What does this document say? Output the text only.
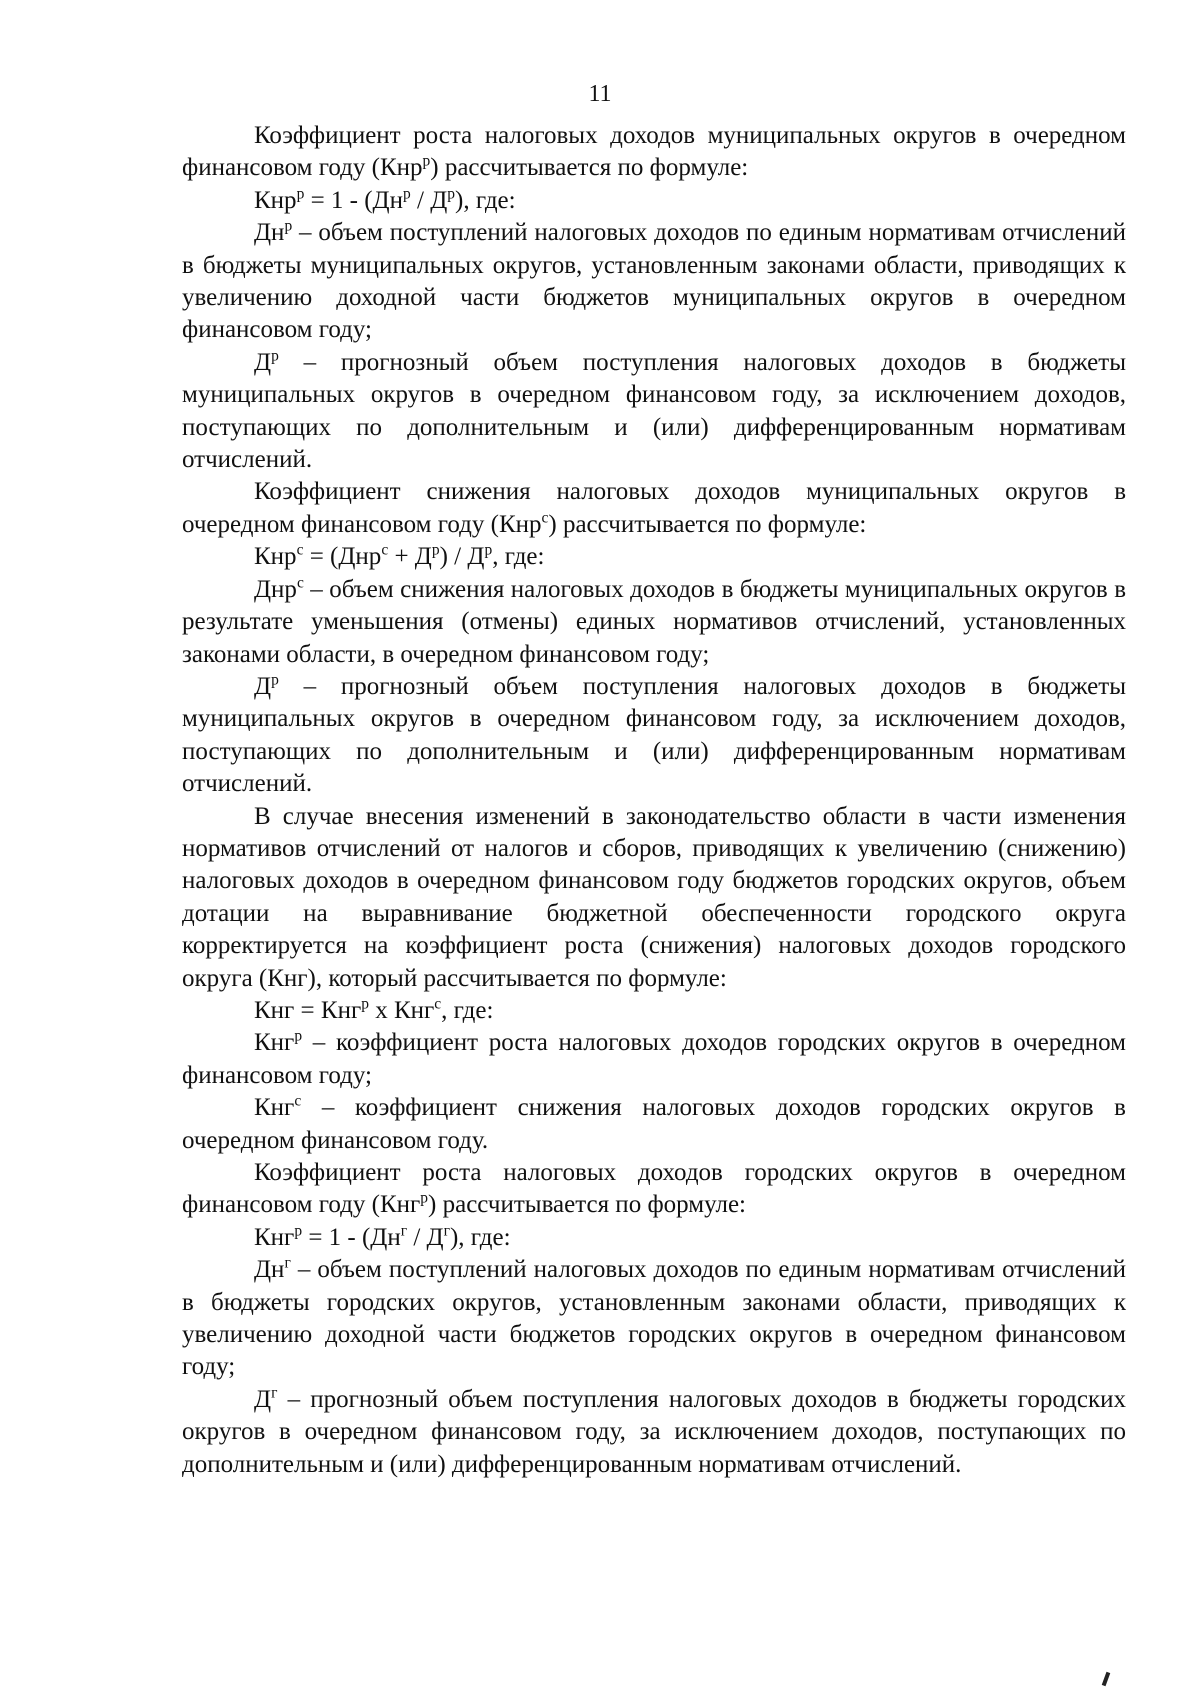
11

Коэффициент роста налоговых доходов муниципальных округов в очередном финансовом году (Кнр$^р$) рассчитывается по формуле:

$Кнр^р = 1 - (Дн^р / Д^р)$, где:

$Дн^р$ – объем поступлений налоговых доходов по единым нормативам отчислений в бюджеты муниципальных округов, установленным законами области, приводящих к увеличению доходной части бюджетов муниципальных округов в очередном финансовом году;

$Д^р$ – прогнозный объем поступления налоговых доходов в бюджеты муниципальных округов в очередном финансовом году, за исключением доходов, поступающих по дополнительным и (или) дифференцированным нормативам отчислений.

Коэффициент снижения налоговых доходов муниципальных округов в очередном финансовом году (Кнр$^с$) рассчитывается по формуле:

$Кнр^с = (Днр^с + Д^р) / Д^р$, где:

Днр$^с$ – объем снижения налоговых доходов в бюджеты муниципальных округов в результате уменьшения (отмены) единых нормативов отчислений, установленных законами области, в очередном финансовом году;

$Д^р$ – прогнозный объем поступления налоговых доходов в бюджеты муниципальных округов в очередном финансовом году, за исключением доходов, поступающих по дополнительным и (или) дифференцированным нормативам отчислений.

В случае внесения изменений в законодательство области в части изменения нормативов отчислений от налогов и сборов, приводящих к увеличению (снижению) налоговых доходов в очередном финансовом году бюджетов городских округов, объем дотации на выравнивание бюджетной обеспеченности городского округа корректируется на коэффициент роста (снижения) налоговых доходов городского округа (Кнг), который рассчитывается по формуле:

Кнг = Кнг$^р$ х Кнг$^с$, где:

Кнг$^р$ – коэффициент роста налоговых доходов городских округов в очередном финансовом году;

Кнг$^с$ – коэффициент снижения налоговых доходов городских округов в очередном финансовом году.

Коэффициент роста налоговых доходов городских округов в очередном финансовом году (Кнг$^р$) рассчитывается по формуле:

$Кнг^р = 1 - (Дн^г / Д^г)$, где:

$Дн^г$ – объем поступлений налоговых доходов по единым нормативам отчислений в бюджеты городских округов, установленным законами области, приводящих к увеличению доходной части бюджетов городских округов в очередном финансовом году;

$Д^г$ – прогнозный объем поступления налоговых доходов в бюджеты городских округов в очередном финансовом году, за исключением доходов, поступающих по дополнительным и (или) дифференцированным нормативам отчислений.
